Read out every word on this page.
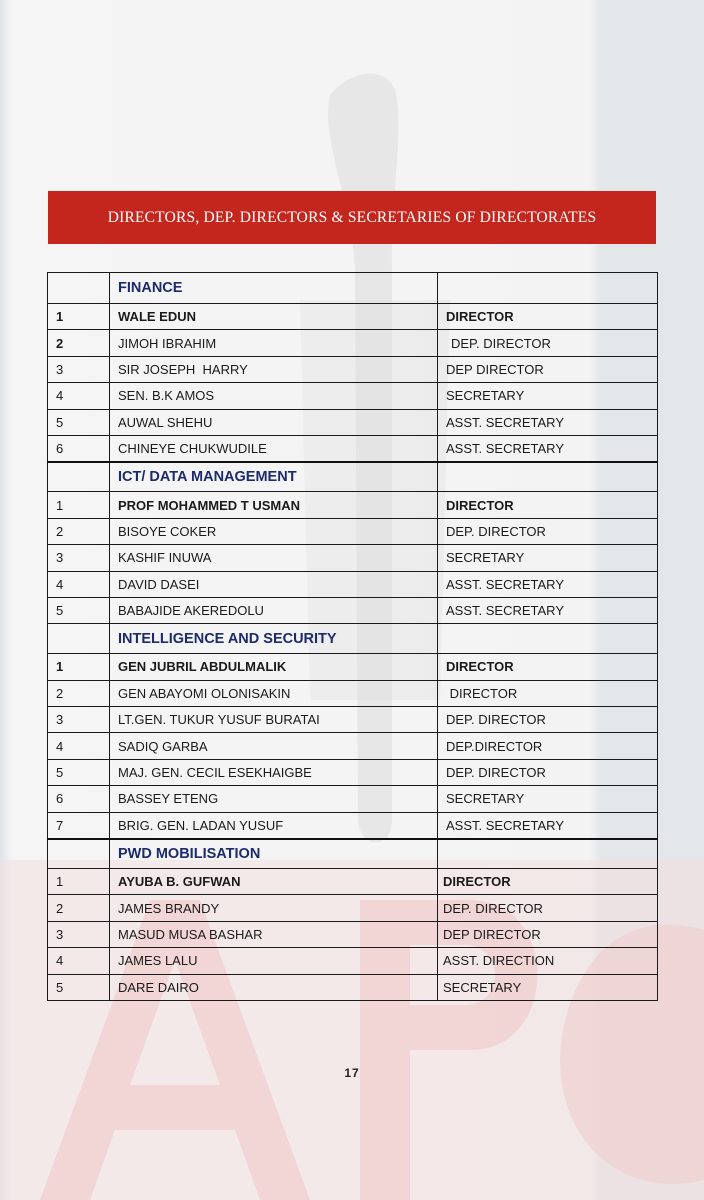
DIRECTORS, DEP. DIRECTORS & SECRETARIES OF DIRECTORATES
	FINANCE	
1	WALE EDUN	DIRECTOR
2	JIMOH IBRAHIM	DEP. DIRECTOR
3	SIR JOSEPH  HARRY	DEP DIRECTOR
4	SEN. B.K AMOS	SECRETARY
5	AUWAL SHEHU	ASST. SECRETARY
6	CHINEYE CHUKWUDILE	ASST. SECRETARY
	ICT/ DATA MANAGEMENT	
1	PROF MOHAMMED T USMAN	DIRECTOR
2	BISOYE COKER	DEP. DIRECTOR
3	KASHIF INUWA	SECRETARY
4	DAVID DASEI	ASST. SECRETARY
5	BABAJIDE AKEREDOLU	ASST. SECRETARY
	INTELLIGENCE AND SECURITY	
1	GEN JUBRIL ABDULMALIK	DIRECTOR
2	GEN ABAYOMI OLONISAKIN	DIRECTOR
3	LT.GEN. TUKUR YUSUF BURATAI	DEP. DIRECTOR
4	SADIQ GARBA	DEP.DIRECTOR
5	MAJ. GEN. CECIL ESEKHAIGBE	DEP. DIRECTOR
6	BASSEY ETENG	SECRETARY
7	BRIG. GEN. LADAN YUSUF	ASST. SECRETARY
	PWD MOBILISATION	
1	AYUBA B. GUFWAN	DIRECTOR
2	JAMES BRANDY	DEP. DIRECTOR
3	MASUD MUSA BASHAR	DEP DIRECTOR
4	JAMES LALU	ASST. DIRECTION
5	DARE DAIRO	SECRETARY
17
